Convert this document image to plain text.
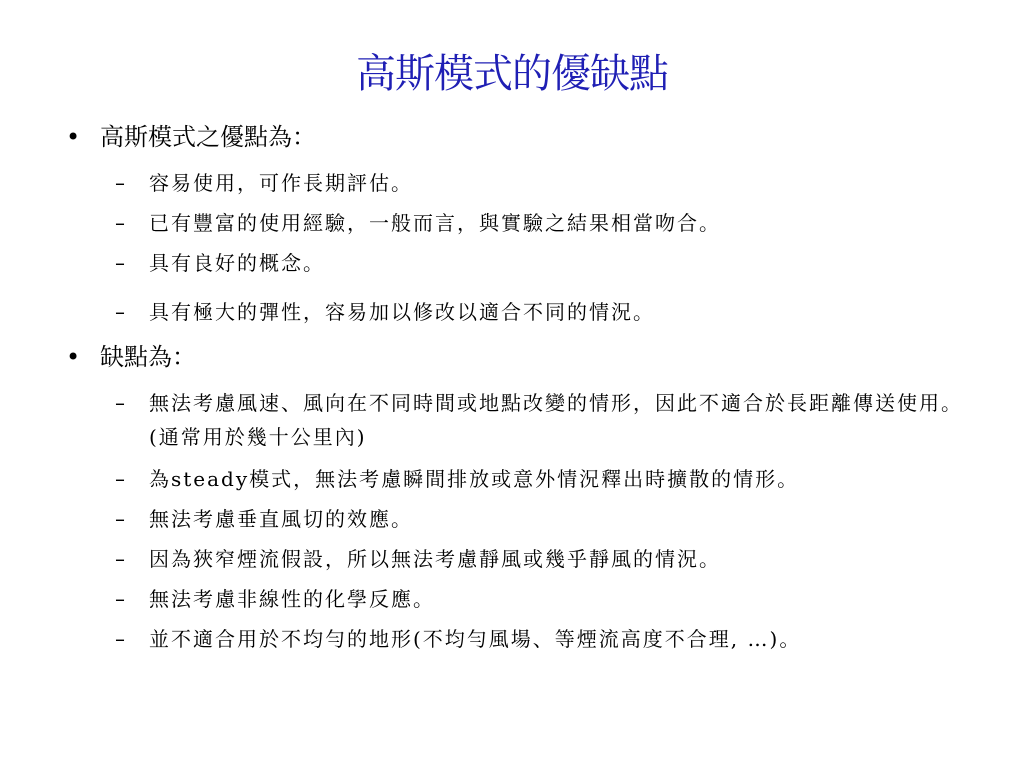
高斯模式的優缺點
• 高斯模式之優點為：
–	容易使用，可作長期評估。
–	已有豐富的使用經驗，一般而言，與實驗之結果相當吻合。
–	具有良好的概念。
–	具有極大的彈性，容易加以修改以適合不同的情況。
• 缺點為：
–	無法考慮風速、風向在不同時間或地點改變的情形，因此不適合於長距離傳送使用。(通常用於幾十公里內)
–	為steady模式，無法考慮瞬間排放或意外情況釋出時擴散的情形。
–	無法考慮垂直風切的效應。
–	因為狹窄煙流假設，所以無法考慮靜風或幾乎靜風的情況。
–	無法考慮非線性的化學反應。
–	並不適合用於不均勻的地形(不均勻風場、等煙流高度不合理, …)。
